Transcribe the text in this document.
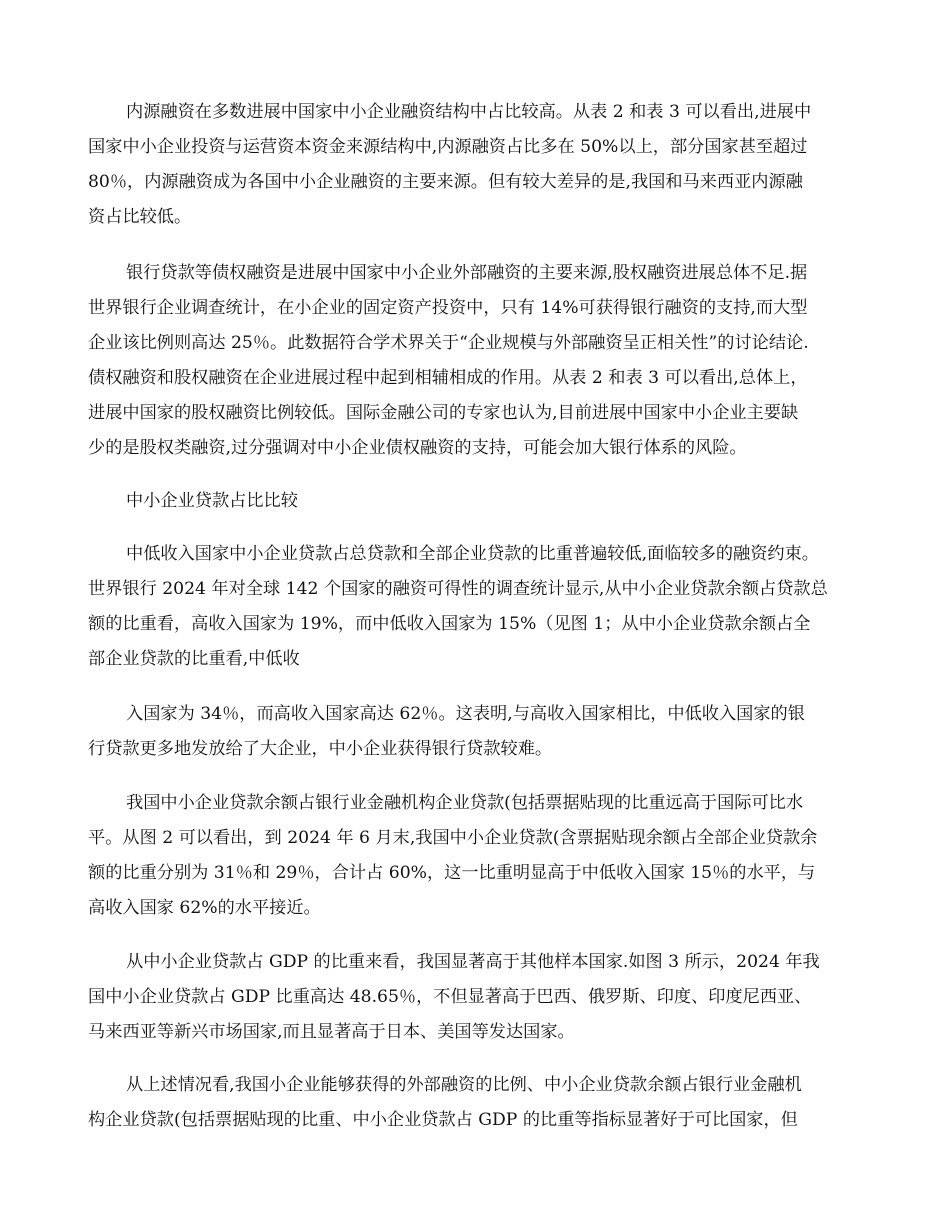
内源融资在多数进展中国家中小企业融资结构中占比较高。从表 2 和表 3 可以看出,进展中
国家中小企业投资与运营资本资金来源结构中,内源融资占比多在 50%以上，部分国家甚至超过
80％，内源融资成为各国中小企业融资的主要来源。但有较大差异的是,我国和马来西亚内源融
资占比较低。
银行贷款等债权融资是进展中国家中小企业外部融资的主要来源,股权融资进展总体不足.据
世界银行企业调查统计，在小企业的固定资产投资中，只有 14%可获得银行融资的支持,而大型
企业该比例则高达 25％。此数据符合学术界关于“企业规模与外部融资呈正相关性”的讨论结论.
债权融资和股权融资在企业进展过程中起到相辅相成的作用。从表 2 和表 3 可以看出,总体上，
进展中国家的股权融资比例较低。国际金融公司的专家也认为,目前进展中国家中小企业主要缺
少的是股权类融资,过分强调对中小企业债权融资的支持，可能会加大银行体系的风险。
中小企业贷款占比比较
中低收入国家中小企业贷款占总贷款和全部企业贷款的比重普遍较低,面临较多的融资约束。
世界银行 2024 年对全球 142 个国家的融资可得性的调查统计显示,从中小企业贷款余额占贷款总
额的比重看，高收入国家为 19%，而中低收入国家为 15%（见图 1；从中小企业贷款余额占全
部企业贷款的比重看,中低收
入国家为 34％，而高收入国家高达 62％。这表明,与高收入国家相比，中低收入国家的银
行贷款更多地发放给了大企业，中小企业获得银行贷款较难。
我国中小企业贷款余额占银行业金融机构企业贷款(包括票据贴现的比重远高于国际可比水
平。从图 2 可以看出，到 2024 年 6 月末,我国中小企业贷款(含票据贴现余额占全部企业贷款余
额的比重分别为 31％和 29％，合计占 60%，这一比重明显高于中低收入国家 15％的水平，与
高收入国家 62%的水平接近。
从中小企业贷款占 GDP 的比重来看，我国显著高于其他样本国家.如图 3 所示，2024 年我
国中小企业贷款占 GDP 比重高达 48.65％，不但显著高于巴西、俄罗斯、印度、印度尼西亚、
马来西亚等新兴市场国家,而且显著高于日本、美国等发达国家。
从上述情况看,我国小企业能够获得的外部融资的比例、中小企业贷款余额占银行业金融机
构企业贷款(包括票据贴现的比重、中小企业贷款占 GDP 的比重等指标显著好于可比国家，但
